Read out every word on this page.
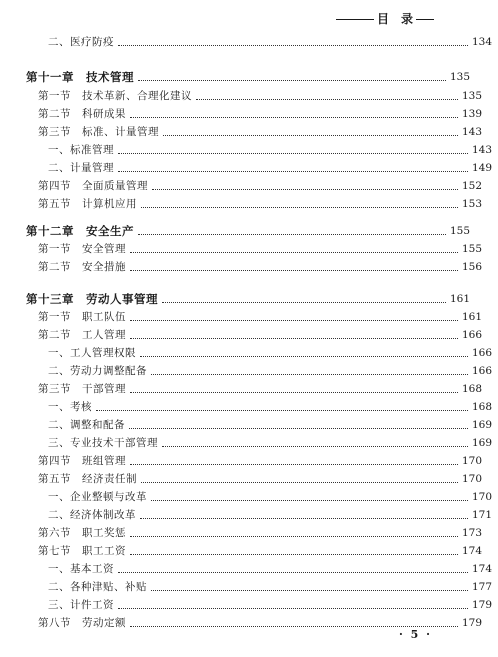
目 录
二、医疗防疫	134
第十一章　技术管理	135
第一节　技术革新、合理化建议	135
第二节　科研成果	139
第三节　标准、计量管理	143
一、标准管理	143
二、计量管理	149
第四节　全面质量管理	152
第五节　计算机应用	153
第十二章　安全生产	155
第一节　安全管理	155
第二节　安全措施	156
第十三章　劳动人事管理	161
第一节　职工队伍	161
第二节　工人管理	166
一、工人管理权限	166
二、劳动力调整配备	166
第三节　干部管理	168
一、考核	168
二、调整和配备	169
三、专业技术干部管理	169
第四节　班组管理	170
第五节　经济责任制	170
一、企业整顿与改革	170
二、经济体制改革	171
第六节　职工奖惩	173
第七节　职工工资	174
一、基本工资	174
二、各种津贴、补贴	177
三、计件工资	179
第八节　劳动定额	179
· 5 ·
